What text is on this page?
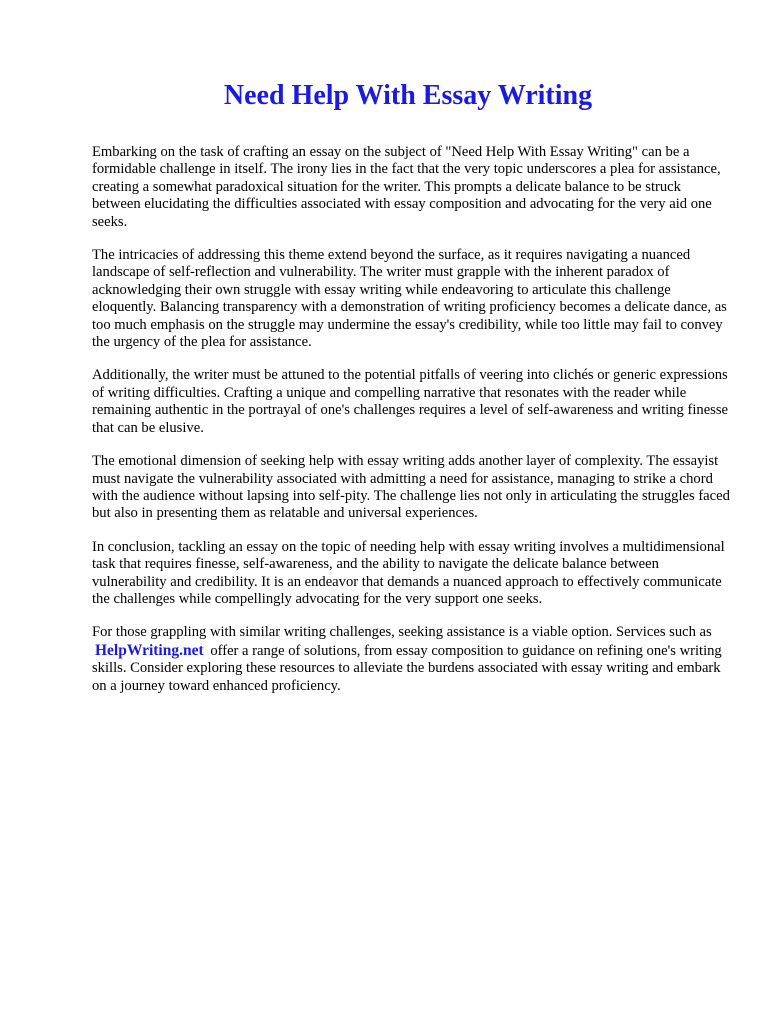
Need Help With Essay Writing

Embarking on the task of crafting an essay on the subject of "Need Help With Essay Writing" can be a formidable challenge in itself. The irony lies in the fact that the very topic underscores a plea for assistance, creating a somewhat paradoxical situation for the writer. This prompts a delicate balance to be struck between elucidating the difficulties associated with essay composition and advocating for the very aid one seeks.

The intricacies of addressing this theme extend beyond the surface, as it requires navigating a nuanced landscape of self-reflection and vulnerability. The writer must grapple with the inherent paradox of acknowledging their own struggle with essay writing while endeavoring to articulate this challenge eloquently. Balancing transparency with a demonstration of writing proficiency becomes a delicate dance, as too much emphasis on the struggle may undermine the essay's credibility, while too little may fail to convey the urgency of the plea for assistance.

Additionally, the writer must be attuned to the potential pitfalls of veering into clichés or generic expressions of writing difficulties. Crafting a unique and compelling narrative that resonates with the reader while remaining authentic in the portrayal of one's challenges requires a level of self-awareness and writing finesse that can be elusive.

The emotional dimension of seeking help with essay writing adds another layer of complexity. The essayist must navigate the vulnerability associated with admitting a need for assistance, managing to strike a chord with the audience without lapsing into self-pity. The challenge lies not only in articulating the struggles faced but also in presenting them as relatable and universal experiences.

In conclusion, tackling an essay on the topic of needing help with essay writing involves a multidimensional task that requires finesse, self-awareness, and the ability to navigate the delicate balance between vulnerability and credibility. It is an endeavor that demands a nuanced approach to effectively communicate the challenges while compellingly advocating for the very support one seeks.

For those grappling with similar writing challenges, seeking assistance is a viable option. Services such as HelpWriting.net offer a range of solutions, from essay composition to guidance on refining one's writing skills. Consider exploring these resources to alleviate the burdens associated with essay writing and embark on a journey toward enhanced proficiency.
